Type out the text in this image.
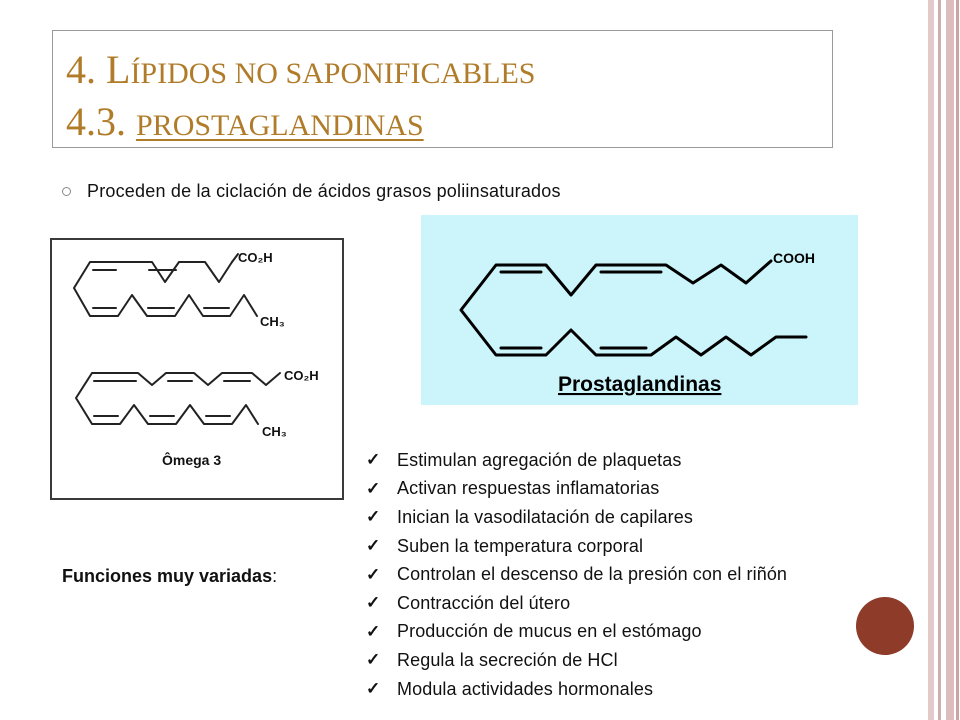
4. LÍPIDOS NO SAPONIFICABLES
4.3. PROSTAGLANDINAS
Proceden de la ciclación de ácidos grasos poliinsaturados
CO₂H
CH₃
CO₂H
CH₃
Ômega 3
COOH
Prostaglandinas
Funciones muy variadas:
✓ Estimulan agregación de plaquetas
✓ Activan respuestas inflamatorias
✓ Inician la vasodilatación de capilares
✓ Suben la temperatura corporal
✓ Controlan el descenso de la presión con el riñón
✓ Contracción del útero
✓ Producción de mucus en el estómago
✓ Regula la secreción de HCl
✓ Modula actividades hormonales
